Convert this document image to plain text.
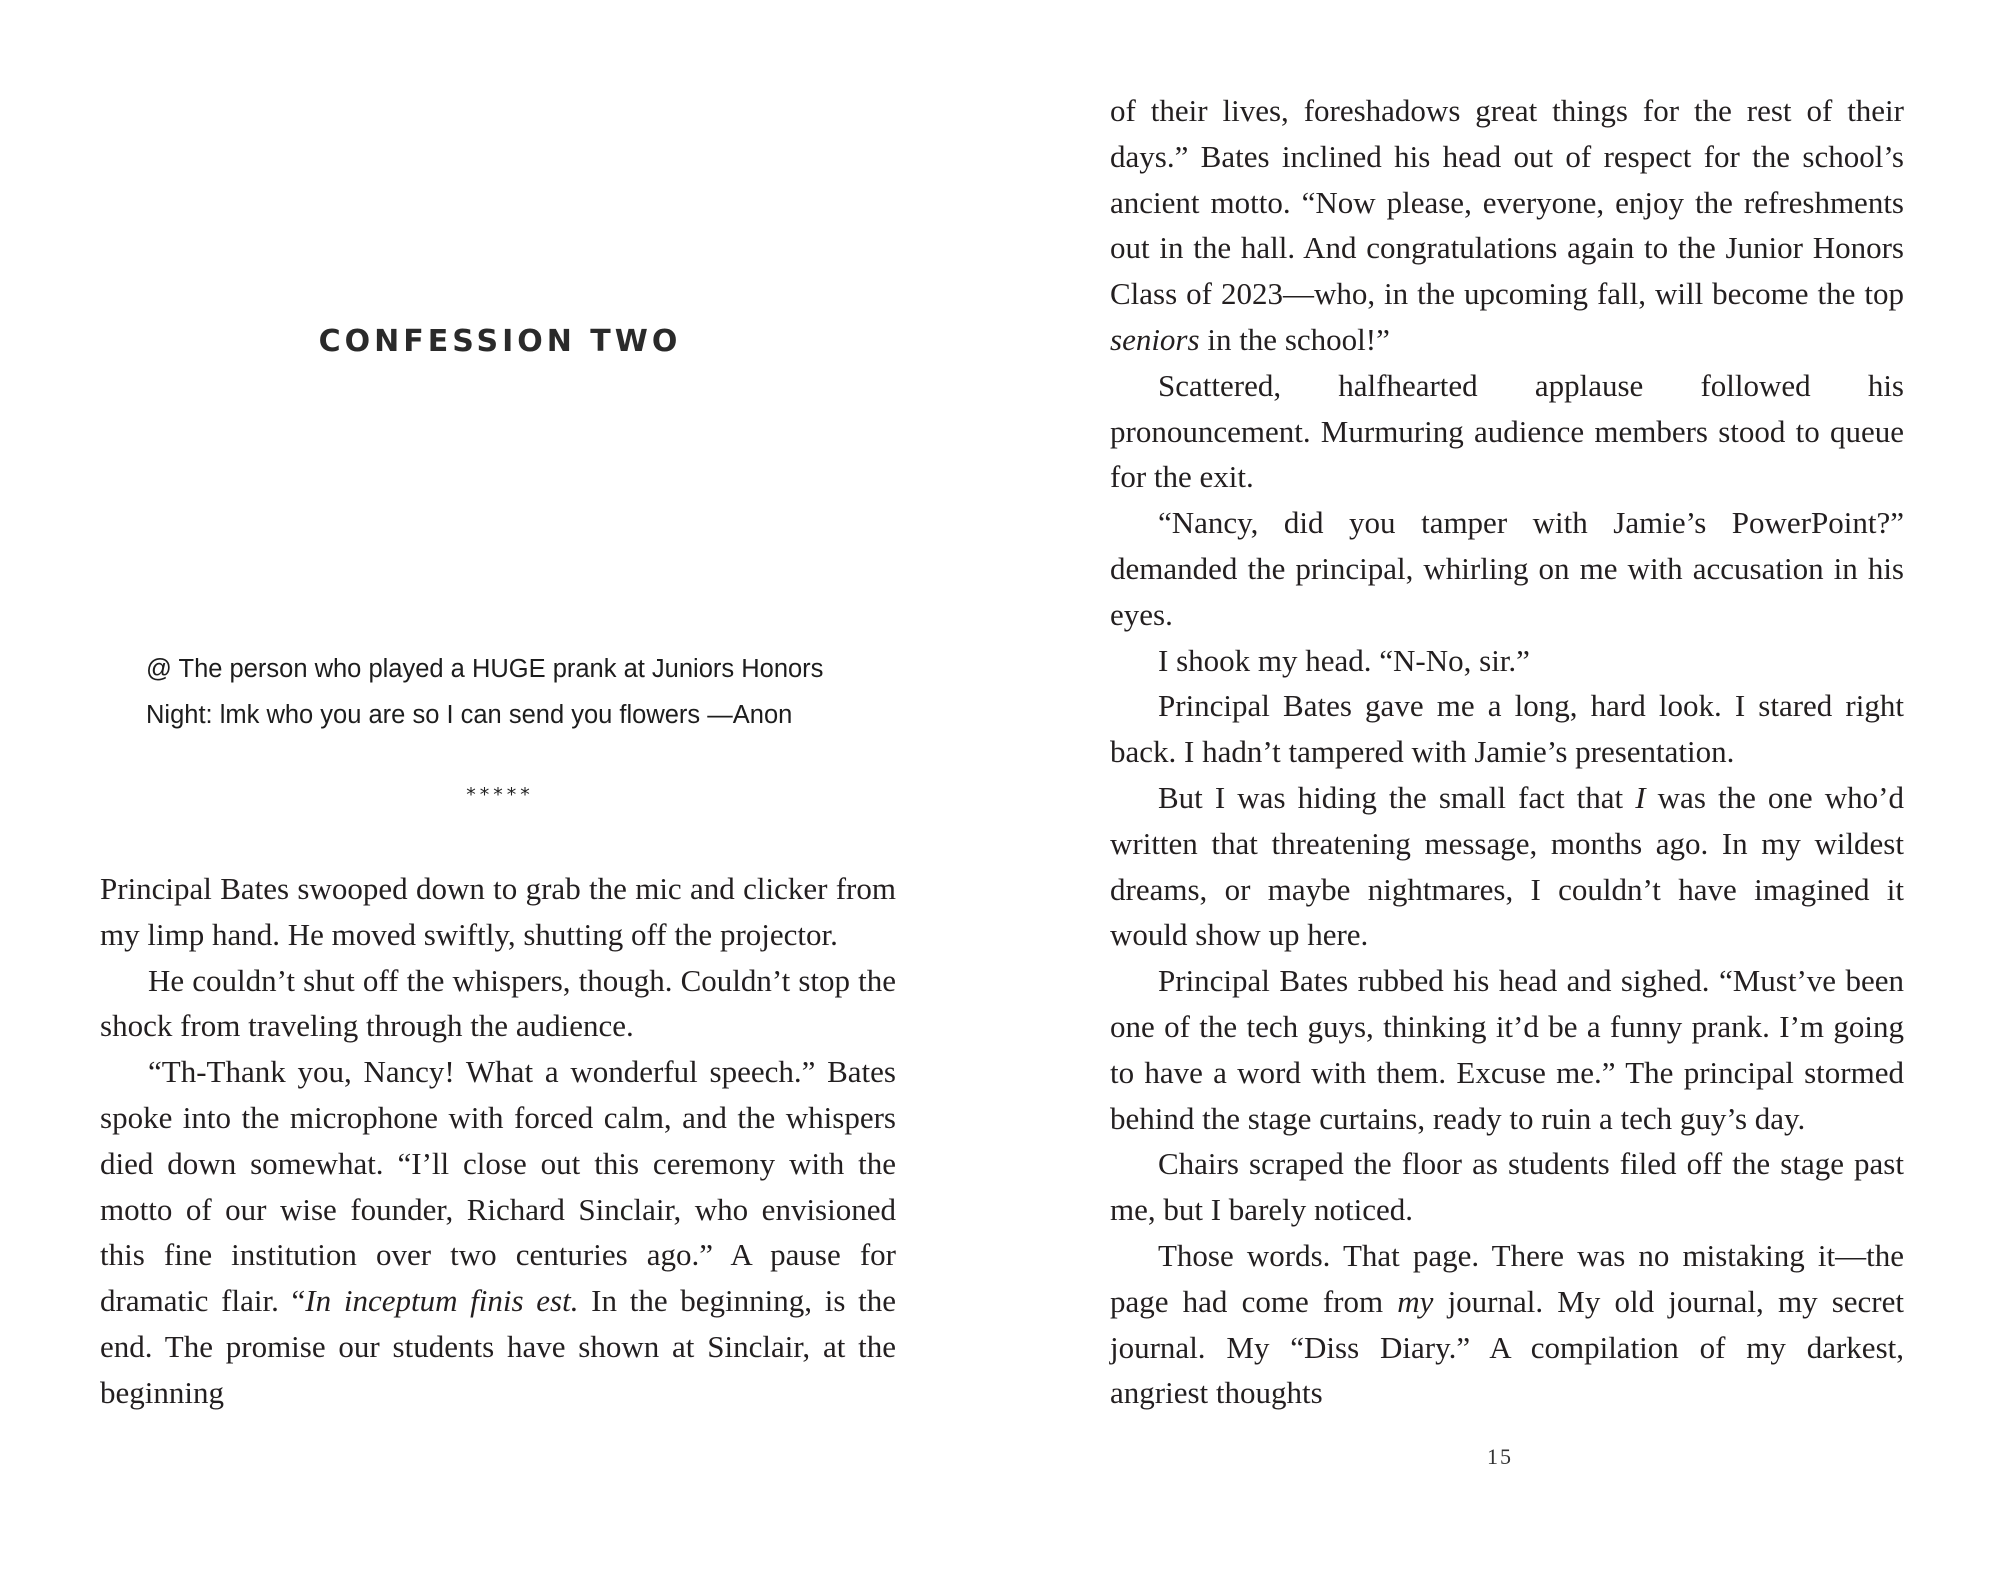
CONFESSION TWO
@ The person who played a HUGE prank at Juniors Honors Night: lmk who you are so I can send you flowers —Anon
*****

Principal Bates swooped down to grab the mic and clicker from my limp hand. He moved swiftly, shutting off the projector.

He couldn’t shut off the whispers, though. Couldn’t stop the shock from traveling through the audience.

“Th-Thank you, Nancy! What a wonderful speech.” Bates spoke into the microphone with forced calm, and the whispers died down somewhat. “I’ll close out this ceremony with the motto of our wise founder, Richard Sinclair, who envisioned this fine institution over two centuries ago.” A pause for dramatic flair. “In inceptum finis est. In the beginning, is the end. The promise our students have shown at Sinclair, at the beginning

of their lives, foreshadows great things for the rest of their days.” Bates inclined his head out of respect for the school’s ancient motto. “Now please, everyone, enjoy the refreshments out in the hall. And congratulations again to the Junior Honors Class of 2023—who, in the upcoming fall, will become the top seniors in the school!”

Scattered, halfhearted applause followed his pronouncement. Murmuring audience members stood to queue for the exit.

“Nancy, did you tamper with Jamie’s PowerPoint?” demanded the principal, whirling on me with accusation in his eyes.

I shook my head. “N-No, sir.”

Principal Bates gave me a long, hard look. I stared right back. I hadn’t tampered with Jamie’s presentation.

But I was hiding the small fact that I was the one who’d written that threatening message, months ago. In my wildest dreams, or maybe nightmares, I couldn’t have imagined it would show up here.

Principal Bates rubbed his head and sighed. “Must’ve been one of the tech guys, thinking it’d be a funny prank. I’m going to have a word with them. Excuse me.” The principal stormed behind the stage curtains, ready to ruin a tech guy’s day.

Chairs scraped the floor as students filed off the stage past me, but I barely noticed.

Those words. That page. There was no mistaking it—the page had come from my journal. My old journal, my secret journal. My “Diss Diary.” A compilation of my darkest, angriest thoughts

15
